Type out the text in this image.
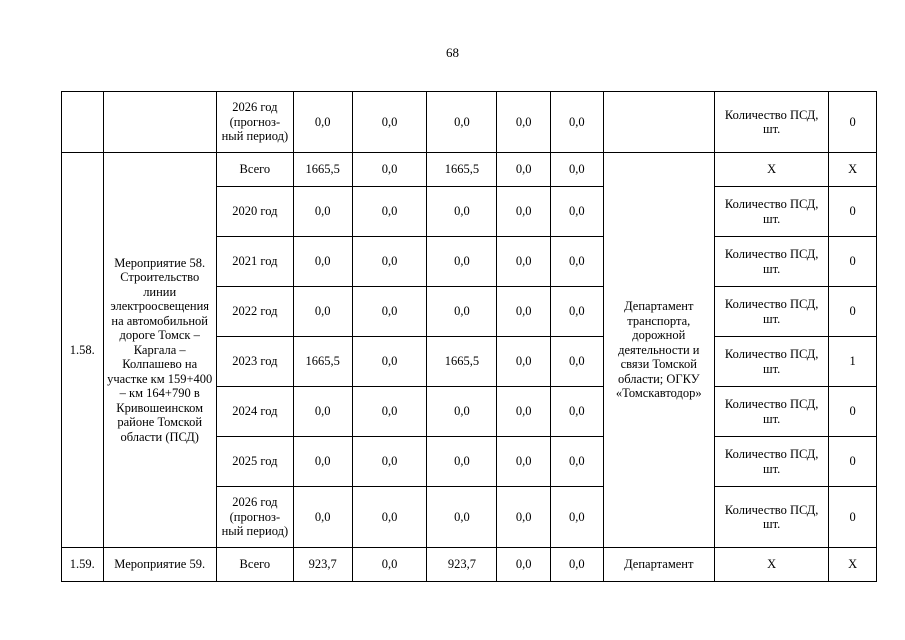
68
		2026 год (прогноз-ный период)	0,0	0,0	0,0	0,0	0,0		Количество ПСД, шт.	0
1.58.	Мероприятие 58. Строительство линии электроосвещения на автомобильной дороге Томск – Каргала – Колпашево на участке км 159+400 – км 164+790 в Кривошеинском районе Томской области (ПСД)	Всего	1665,5	0,0	1665,5	0,0	0,0	Департамент транспорта, дорожной деятельности и связи Томской области; ОГКУ «Томскавтодор»	Х	Х
		2020 год	0,0	0,0	0,0	0,0	0,0		Количество ПСД, шт.	0
		2021 год	0,0	0,0	0,0	0,0	0,0		Количество ПСД, шт.	0
		2022 год	0,0	0,0	0,0	0,0	0,0		Количество ПСД, шт.	0
		2023 год	1665,5	0,0	1665,5	0,0	0,0		Количество ПСД, шт.	1
		2024 год	0,0	0,0	0,0	0,0	0,0		Количество ПСД, шт.	0
		2025 год	0,0	0,0	0,0	0,0	0,0		Количество ПСД, шт.	0
		2026 год (прогноз-ный период)	0,0	0,0	0,0	0,0	0,0		Количество ПСД, шт.	0
1.59.	Мероприятие 59.	Всего	923,7	0,0	923,7	0,0	0,0	Департамент	Х	Х
